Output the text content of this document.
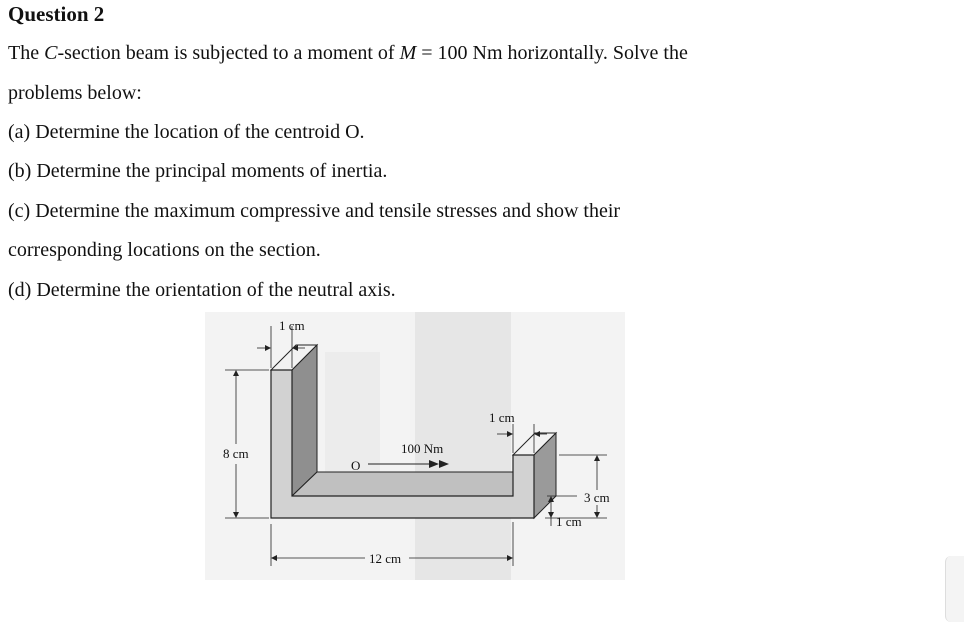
Question 2

The C-section beam is subjected to a moment of M = 100 Nm horizontally. Solve the

problems below:

(a) Determine the location of the centroid O.

(b) Determine the principal moments of inertia.

(c) Determine the maximum compressive and tensile stresses and show their

corresponding locations on the section.

(d) Determine the orientation of the neutral axis.

1 cm
8 cm
O
100 Nm
1 cm
3 cm
1 cm
12 cm
